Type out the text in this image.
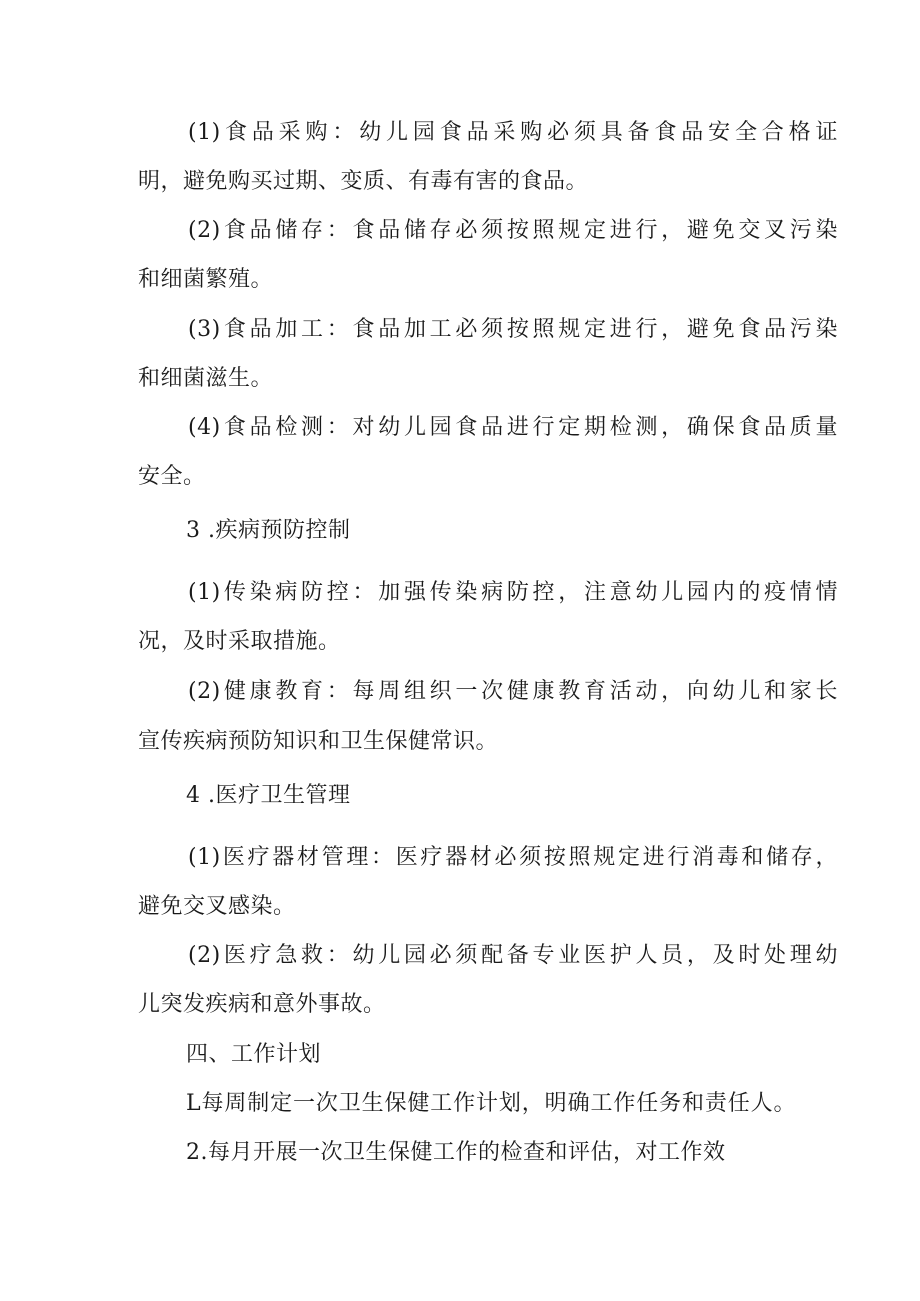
(1)食品采购：幼儿园食品采购必须具备食品安全合格证
明，避免购买过期、变质、有毒有害的食品。
(2)食品储存：食品储存必须按照规定进行，避免交叉污染
和细菌繁殖。
(3)食品加工：食品加工必须按照规定进行，避免食品污染
和细菌滋生。
(4)食品检测：对幼儿园食品进行定期检测，确保食品质量
安全。
3 .疾病预防控制
(1)传染病防控：加强传染病防控，注意幼儿园内的疫情情
况，及时采取措施。
(2)健康教育：每周组织一次健康教育活动，向幼儿和家长
宣传疾病预防知识和卫生保健常识。
4 .医疗卫生管理
(1)医疗器材管理：医疗器材必须按照规定进行消毒和储存，
避免交叉感染。
(2)医疗急救：幼儿园必须配备专业医护人员，及时处理幼
儿突发疾病和意外事故。
四、工作计划
L每周制定一次卫生保健工作计划，明确工作任务和责任人。
2.每月开展一次卫生保健工作的检查和评估，对工作效
